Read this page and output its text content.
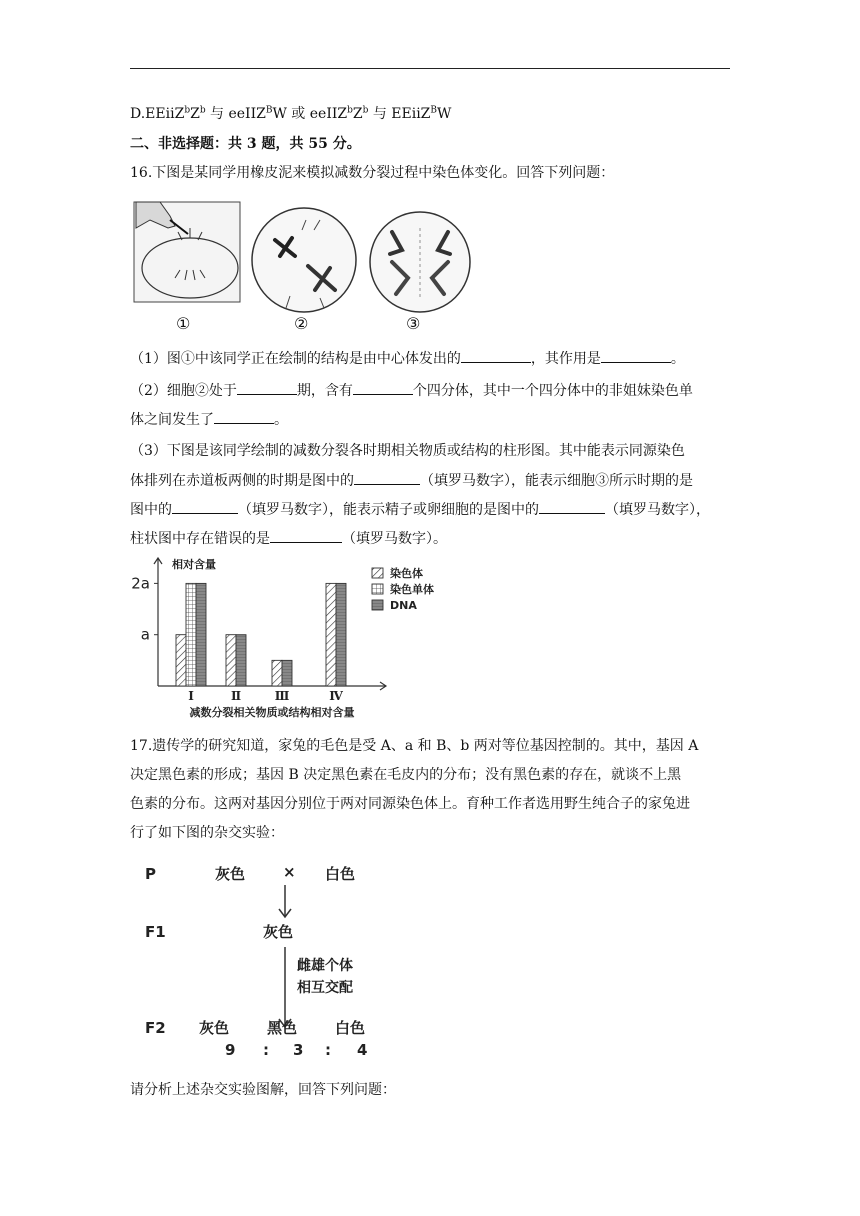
$D.EEiiZ^bZ^b$ 与 eeIIZ$^B$W 或 $eeIIZ^bZ^b$ 与 EEiiZ$^B$W
二、非选择题：共 3 题，共 55 分。
16.下图是某同学用橡皮泥来模拟减数分裂过程中染色体变化。回答下列问题：
①	②	③
（1）图①中该同学正在绘制的结构是由中心体发出的	，其作用是	。
（2）细胞②处于	期，含有	个四分体，其中一个四分体中的非姐妹染色单
体之间发生了	。
（3）下图是该同学绘制的减数分裂各时期相关物质或结构的柱形图。其中能表示同源染色
体排列在赤道板两侧的时期是图中的	（填罗马数字），能表示细胞③所示时期的是
图中的	（填罗马数字），能表示精子或卵细胞的是图中的	（填罗马数字），
柱状图中存在错误的是	（填罗马数字）。
相对含量
a
2a
Ⅰ	Ⅱ	Ⅲ	Ⅳ
减数分裂相关物质或结构相对含量
染色体
染色单体
DNA
17.遗传学的研究知道，家兔的毛色是受 A、a 和 B、b 两对等位基因控制的。其中，基因 A
决定黑色素的形成；基因 B 决定黑色素在毛皮内的分布；没有黑色素的存在，就谈不上黑
色素的分布。这两对基因分别位于两对同源染色体上。育种工作者选用野生纯合子的家兔进
行了如下图的杂交实验：
P	灰色	× 白色
F1	灰色
雌雄个体
相互交配
F2 灰色	黑色	白色
9 : 3 : 4
请分析上述杂交实验图解，回答下列问题：
